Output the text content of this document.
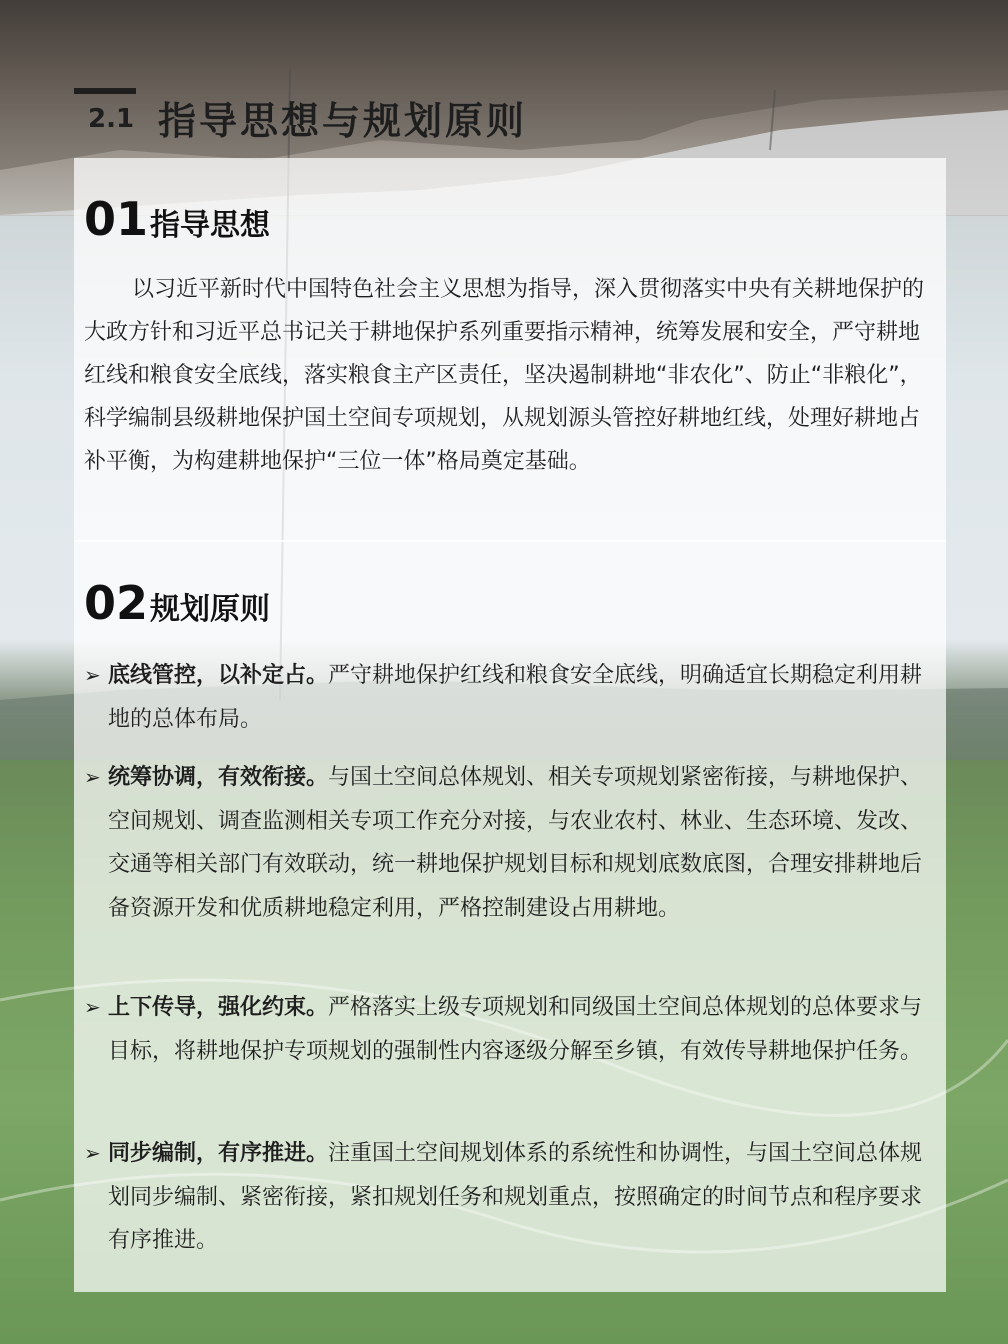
2.1 指导思想与规划原则
01 指导思想

以习近平新时代中国特色社会主义思想为指导，深入贯彻落实中央有关耕地保护的大政方针和习近平总书记关于耕地保护系列重要指示精神，统筹发展和安全，严守耕地红线和粮食安全底线，落实粮食主产区责任，坚决遏制耕地“非农化”、防止“非粮化”，科学编制县级耕地保护国土空间专项规划，从规划源头管控好耕地红线，处理好耕地占补平衡，为构建耕地保护“三位一体”格局奠定基础。

02 规划原则
➢ 底线管控，以补定占。严守耕地保护红线和粮食安全底线，明确适宜长期稳定利用耕地的总体布局。
➢ 统筹协调，有效衔接。与国土空间总体规划、相关专项规划紧密衔接，与耕地保护、空间规划、调查监测相关专项工作充分对接，与农业农村、林业、生态环境、发改、交通等相关部门有效联动，统一耕地保护规划目标和规划底数底图，合理安排耕地后备资源开发和优质耕地稳定利用，严格控制建设占用耕地。
➢ 上下传导，强化约束。严格落实上级专项规划和同级国土空间总体规划的总体要求与目标，将耕地保护专项规划的强制性内容逐级分解至乡镇，有效传导耕地保护任务。
➢ 同步编制，有序推进。注重国土空间规划体系的系统性和协调性，与国土空间总体规划同步编制、紧密衔接，紧扣规划任务和规划重点，按照确定的时间节点和程序要求有序推进。
